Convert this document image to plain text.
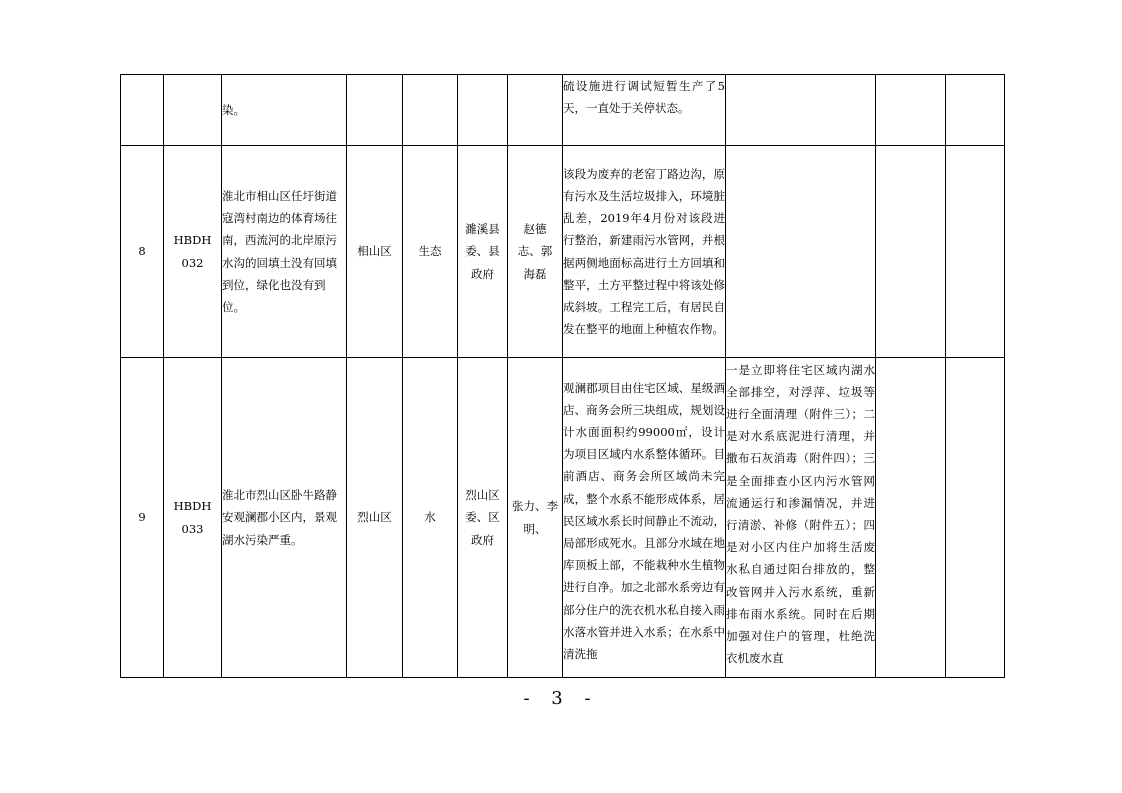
		染。					硫设施进行调试短暂生产了5天，一直处于关停状态。			
8	HBDH032	淮北市相山区任圩街道寇湾村南边的体育场往南，西流河的北岸原污水沟的回填土没有回填到位，绿化也没有到位。	相山区	生态	濉溪县委、县政府	赵德志、郭海磊	该段为废弃的老窑丁路边沟，原有污水及生活垃圾排入，环境脏乱差，2019年4月份对该段进行整治，新建雨污水管网，并根据两侧地面标高进行土方回填和整平，土方平整过程中将该处修成斜坡。工程完工后，有居民自发在整平的地面上种植农作物。			
9	HBDH033	淮北市烈山区卧牛路静安观澜郡小区内，景观湖水污染严重。	烈山区	水	烈山区委、区政府	张力、李明、	观澜郡项目由住宅区域、星级酒店、商务会所三块组成，规划设计水面面积约99000㎡，设计为项目区域内水系整体循环。目前酒店、商务会所区域尚未完成，整个水系不能形成体系，居民区域水系长时间静止不流动，局部形成死水。且部分水域在地库顶板上部，不能栽种水生植物进行自净。加之北部水系旁边有部分住户的洗衣机水私自接入雨水落水管并进入水系；在水系中清洗拖	一是立即将住宅区域内湖水全部排空，对浮萍、垃圾等进行全面清理（附件三）；二是对水系底泥进行清理，并撒布石灰消毒（附件四）；三是全面排查小区内污水管网流通运行和渗漏情况，并进行清淤、补修（附件五）；四是对小区内住户加将生活废水私自通过阳台排放的，整改管网并入污水系统，重新排布雨水系统。同时在后期加强对住户的管理，杜绝洗衣机废水直		

- 3 -
